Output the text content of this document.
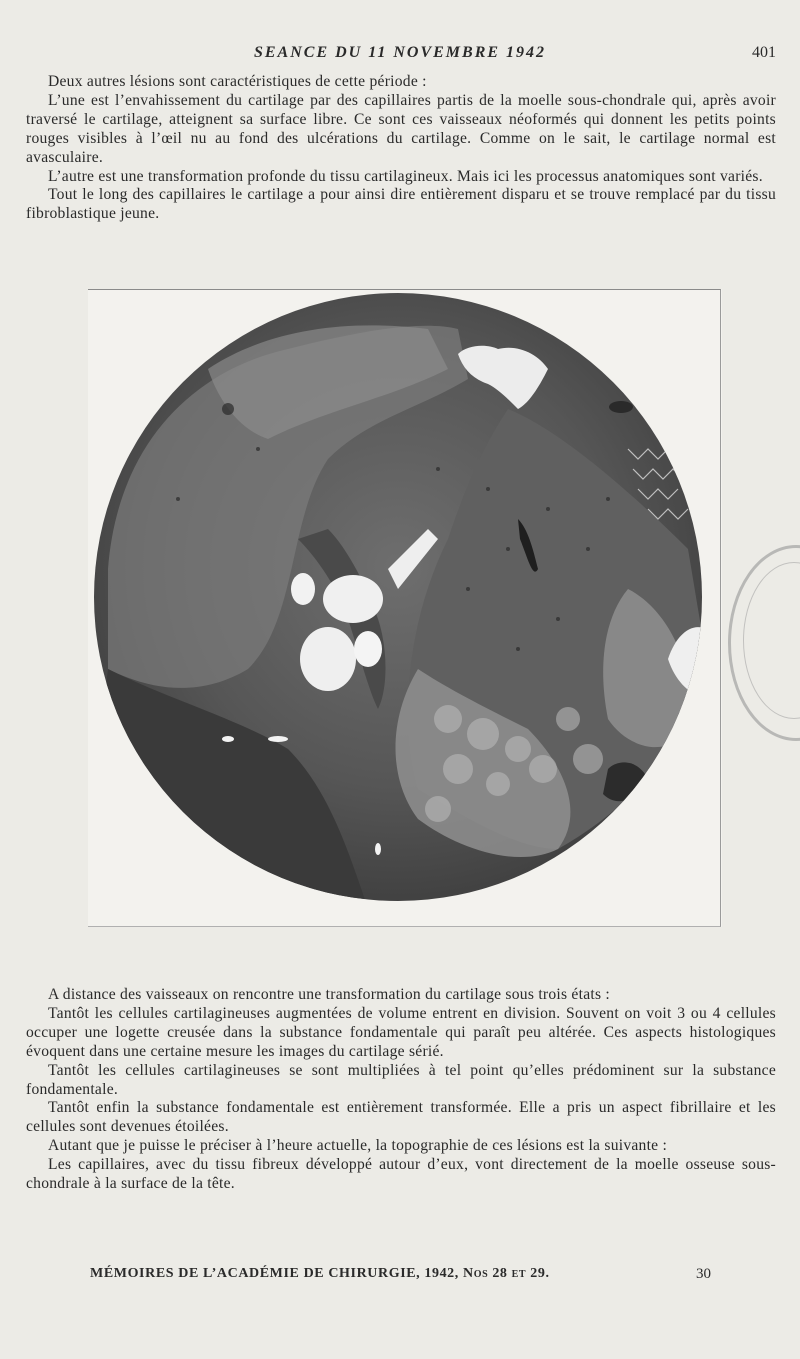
SEANCE DU 11 NOVEMBRE 1942	401

Deux autres lésions sont caractéristiques de cette période :

L’une est l’envahissement du cartilage par des capillaires partis de la moelle sous-chondrale qui, après avoir traversé le cartilage, atteignent sa surface libre. Ce sont ces vaisseaux néoformés qui donnent les petits points rouges visibles à l’œil nu au fond des ulcérations du cartilage. Comme on le sait, le cartilage normal est avasculaire.

L’autre est une transformation profonde du tissu cartilagineux. Mais ici les processus anatomiques sont variés.

Tout le long des capillaires le cartilage a pour ainsi dire entièrement disparu et se trouve remplacé par du tissu fibroblastique jeune.

A distance des vaisseaux on rencontre une transformation du cartilage sous trois états :

Tantôt les cellules cartilagineuses augmentées de volume entrent en division. Souvent on voit 3 ou 4 cellules occuper une logette creusée dans la substance fondamentale qui paraît peu altérée. Ces aspects histologiques évoquent dans une certaine mesure les images du cartilage sérié.

Tantôt les cellules cartilagineuses se sont multipliées à tel point qu’elles prédominent sur la substance fondamentale.

Tantôt enfin la substance fondamentale est entièrement transformée. Elle a pris un aspect fibrillaire et les cellules sont devenues étoilées.

Autant que je puisse le préciser à l’heure actuelle, la topographie de ces lésions est la suivante :

Les capillaires, avec du tissu fibreux développé autour d’eux, vont directement de la moelle osseuse sous-chondrale à la surface de la tête.

MÉMOIRES DE L’ACADÉMIE DE CHIRURGIE, 1942, Nos 28 et 29.	30
